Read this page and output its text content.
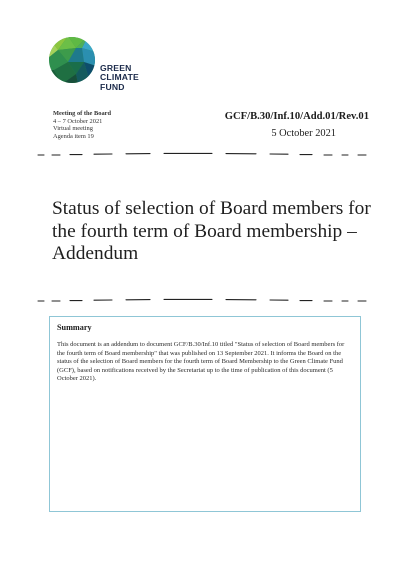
GREEN
CLIMATE
FUND
Meeting of the Board
4 – 7 October 2021
Virtual meeting
Agenda item 19
GCF/B.30/Inf.10/Add.01/Rev.01
5 October 2021
Status of selection of Board members for the fourth term of Board membership – Addendum
Summary

This document is an addendum to document GCF/B.30/Inf.10 titled "Status of selection of Board members for the fourth term of Board membership" that was published on 13 September 2021. It informs the Board on the status of the selection of Board members for the fourth term of Board Membership to the Green Climate Fund (GCF), based on notifications received by the Secretariat up to the time of publication of this document (5 October 2021).
